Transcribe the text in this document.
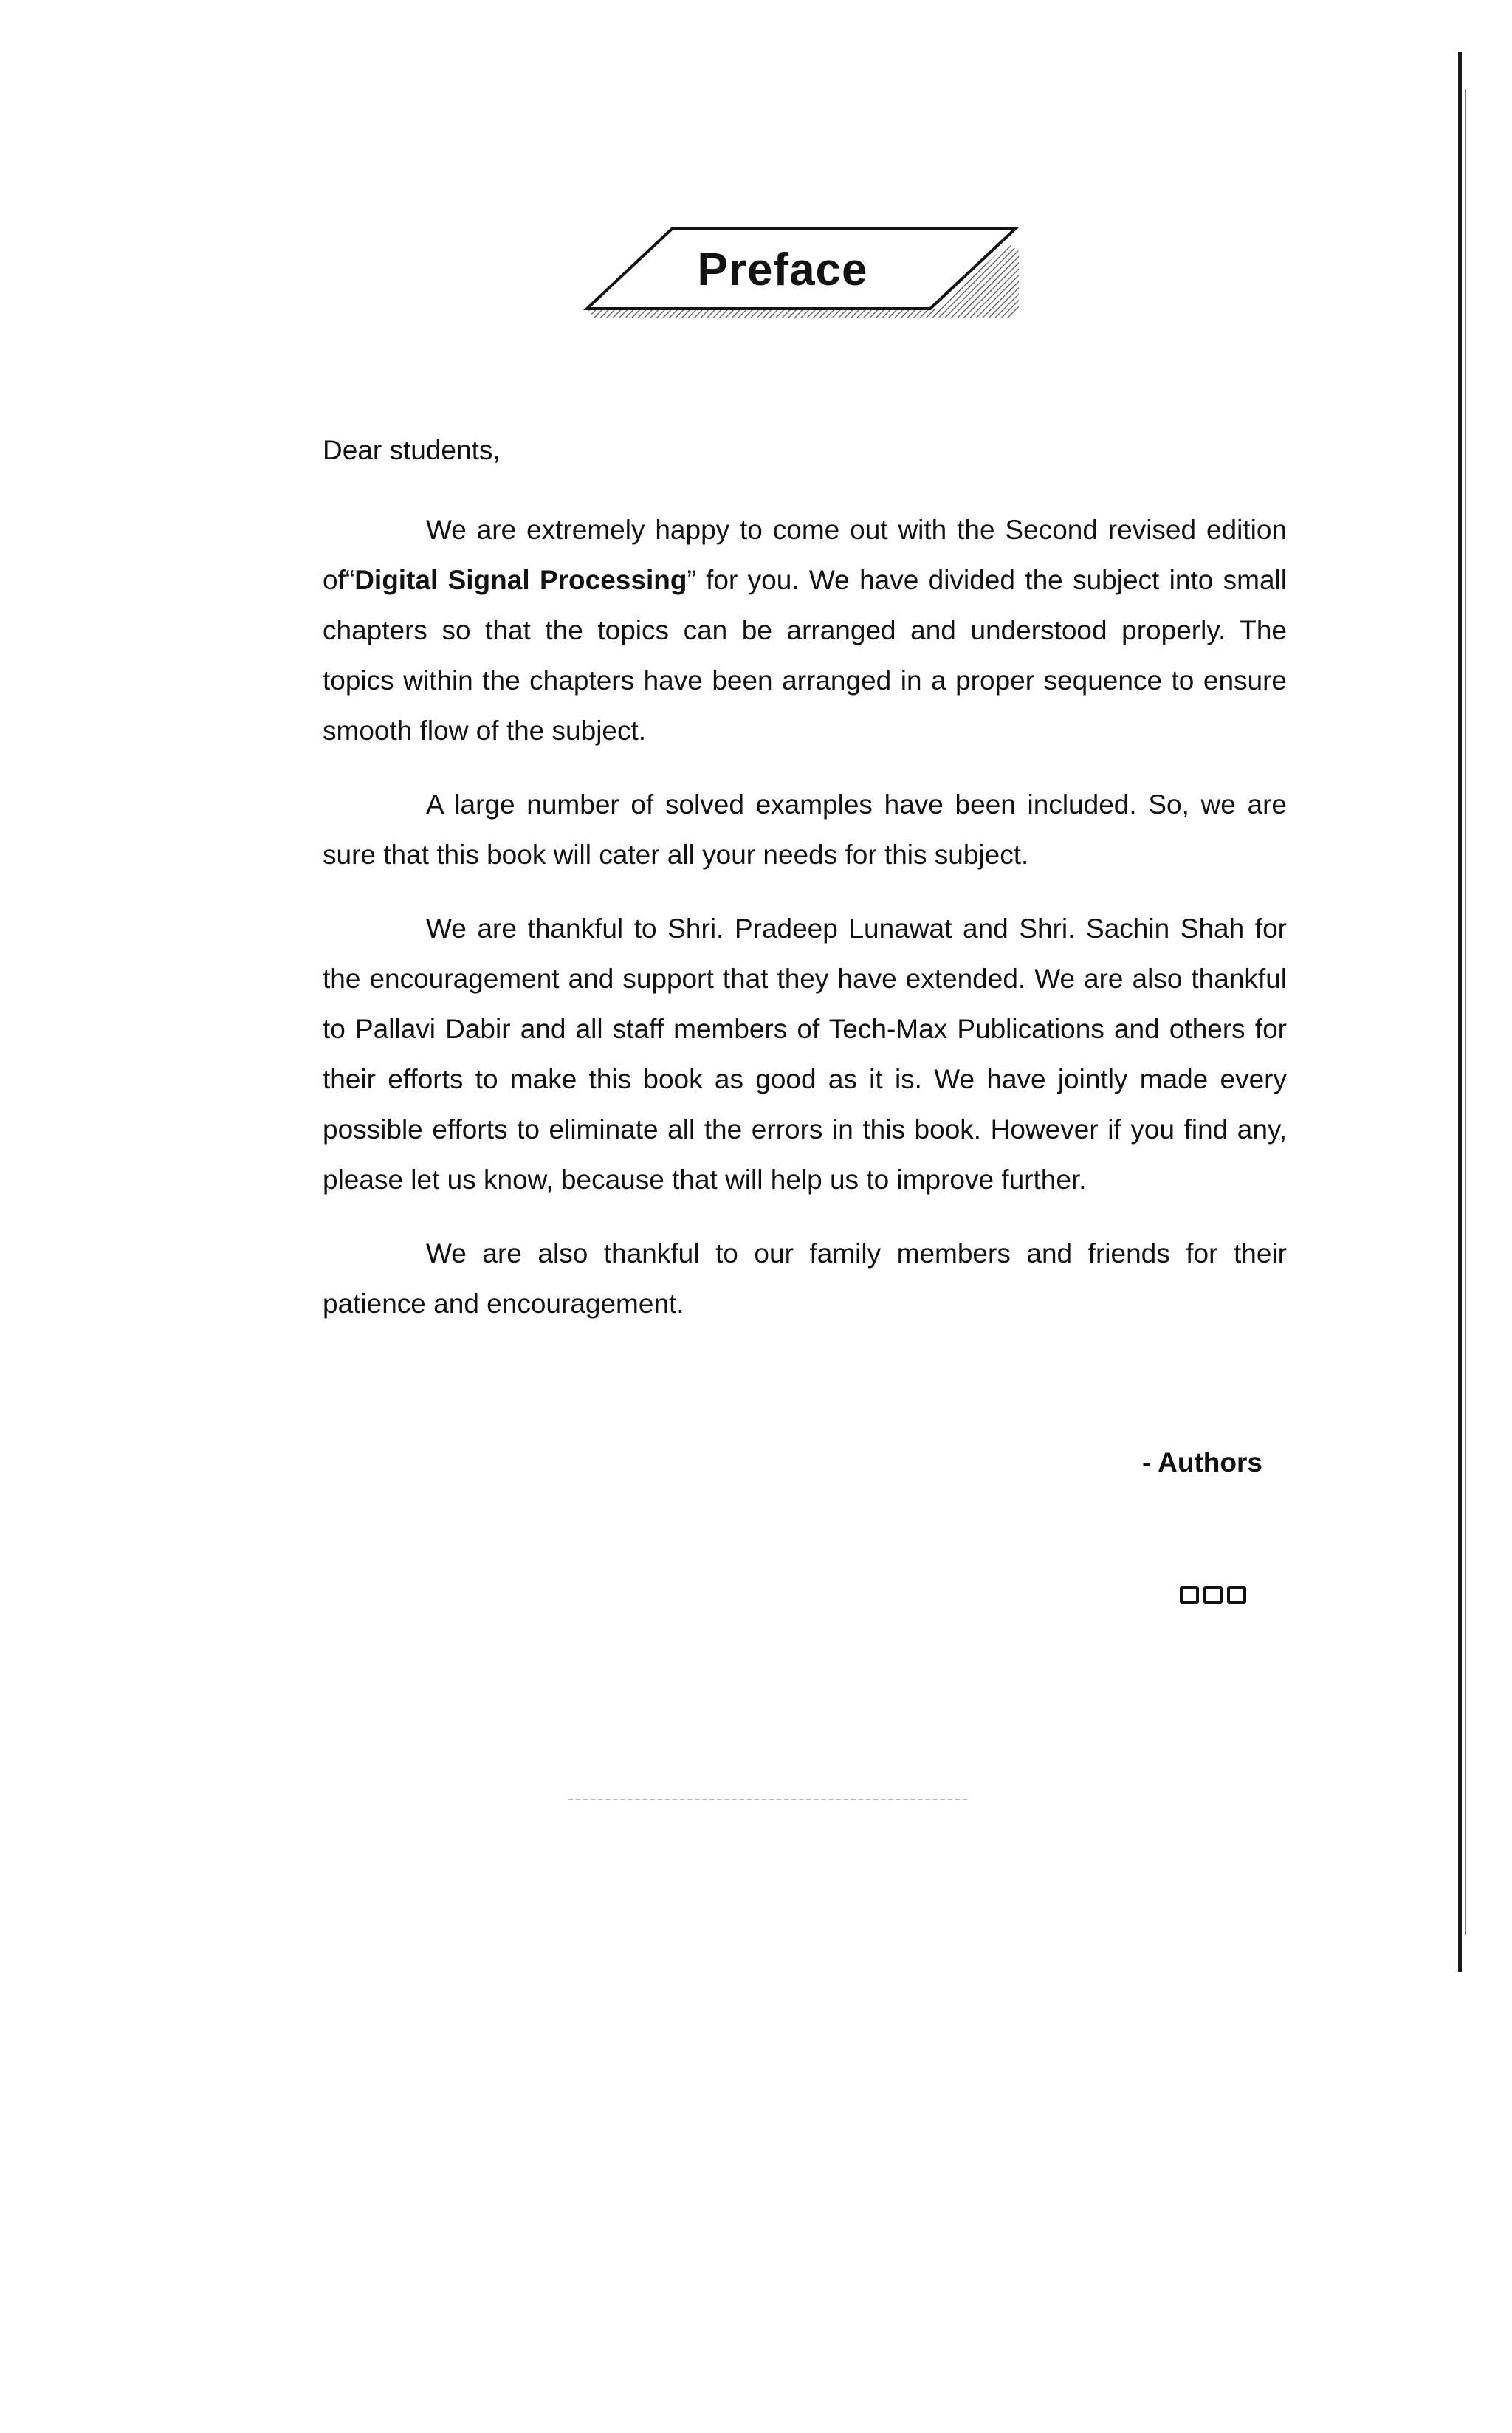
Preface
Dear students,

We are extremely happy to come out with the Second revised edition of“Digital Signal Processing” for you. We have divided the subject into small chapters so that the topics can be arranged and understood properly. The topics within the chapters have been arranged in a proper sequence to ensure smooth flow of the subject.

A large number of solved examples have been included. So, we are sure that this book will cater all your needs for this subject.

We are thankful to Shri. Pradeep Lunawat and Shri. Sachin Shah for the encouragement and support that they have extended. We are also thankful to Pallavi Dabir and all staff members of Tech-Max Publications and others for their efforts to make this book as good as it is. We have jointly made every possible efforts to eliminate all the errors in this book. However if you find any, please let us know, because that will help us to improve further.

We are also thankful to our family members and friends for their patience and encouragement.

- Authors
